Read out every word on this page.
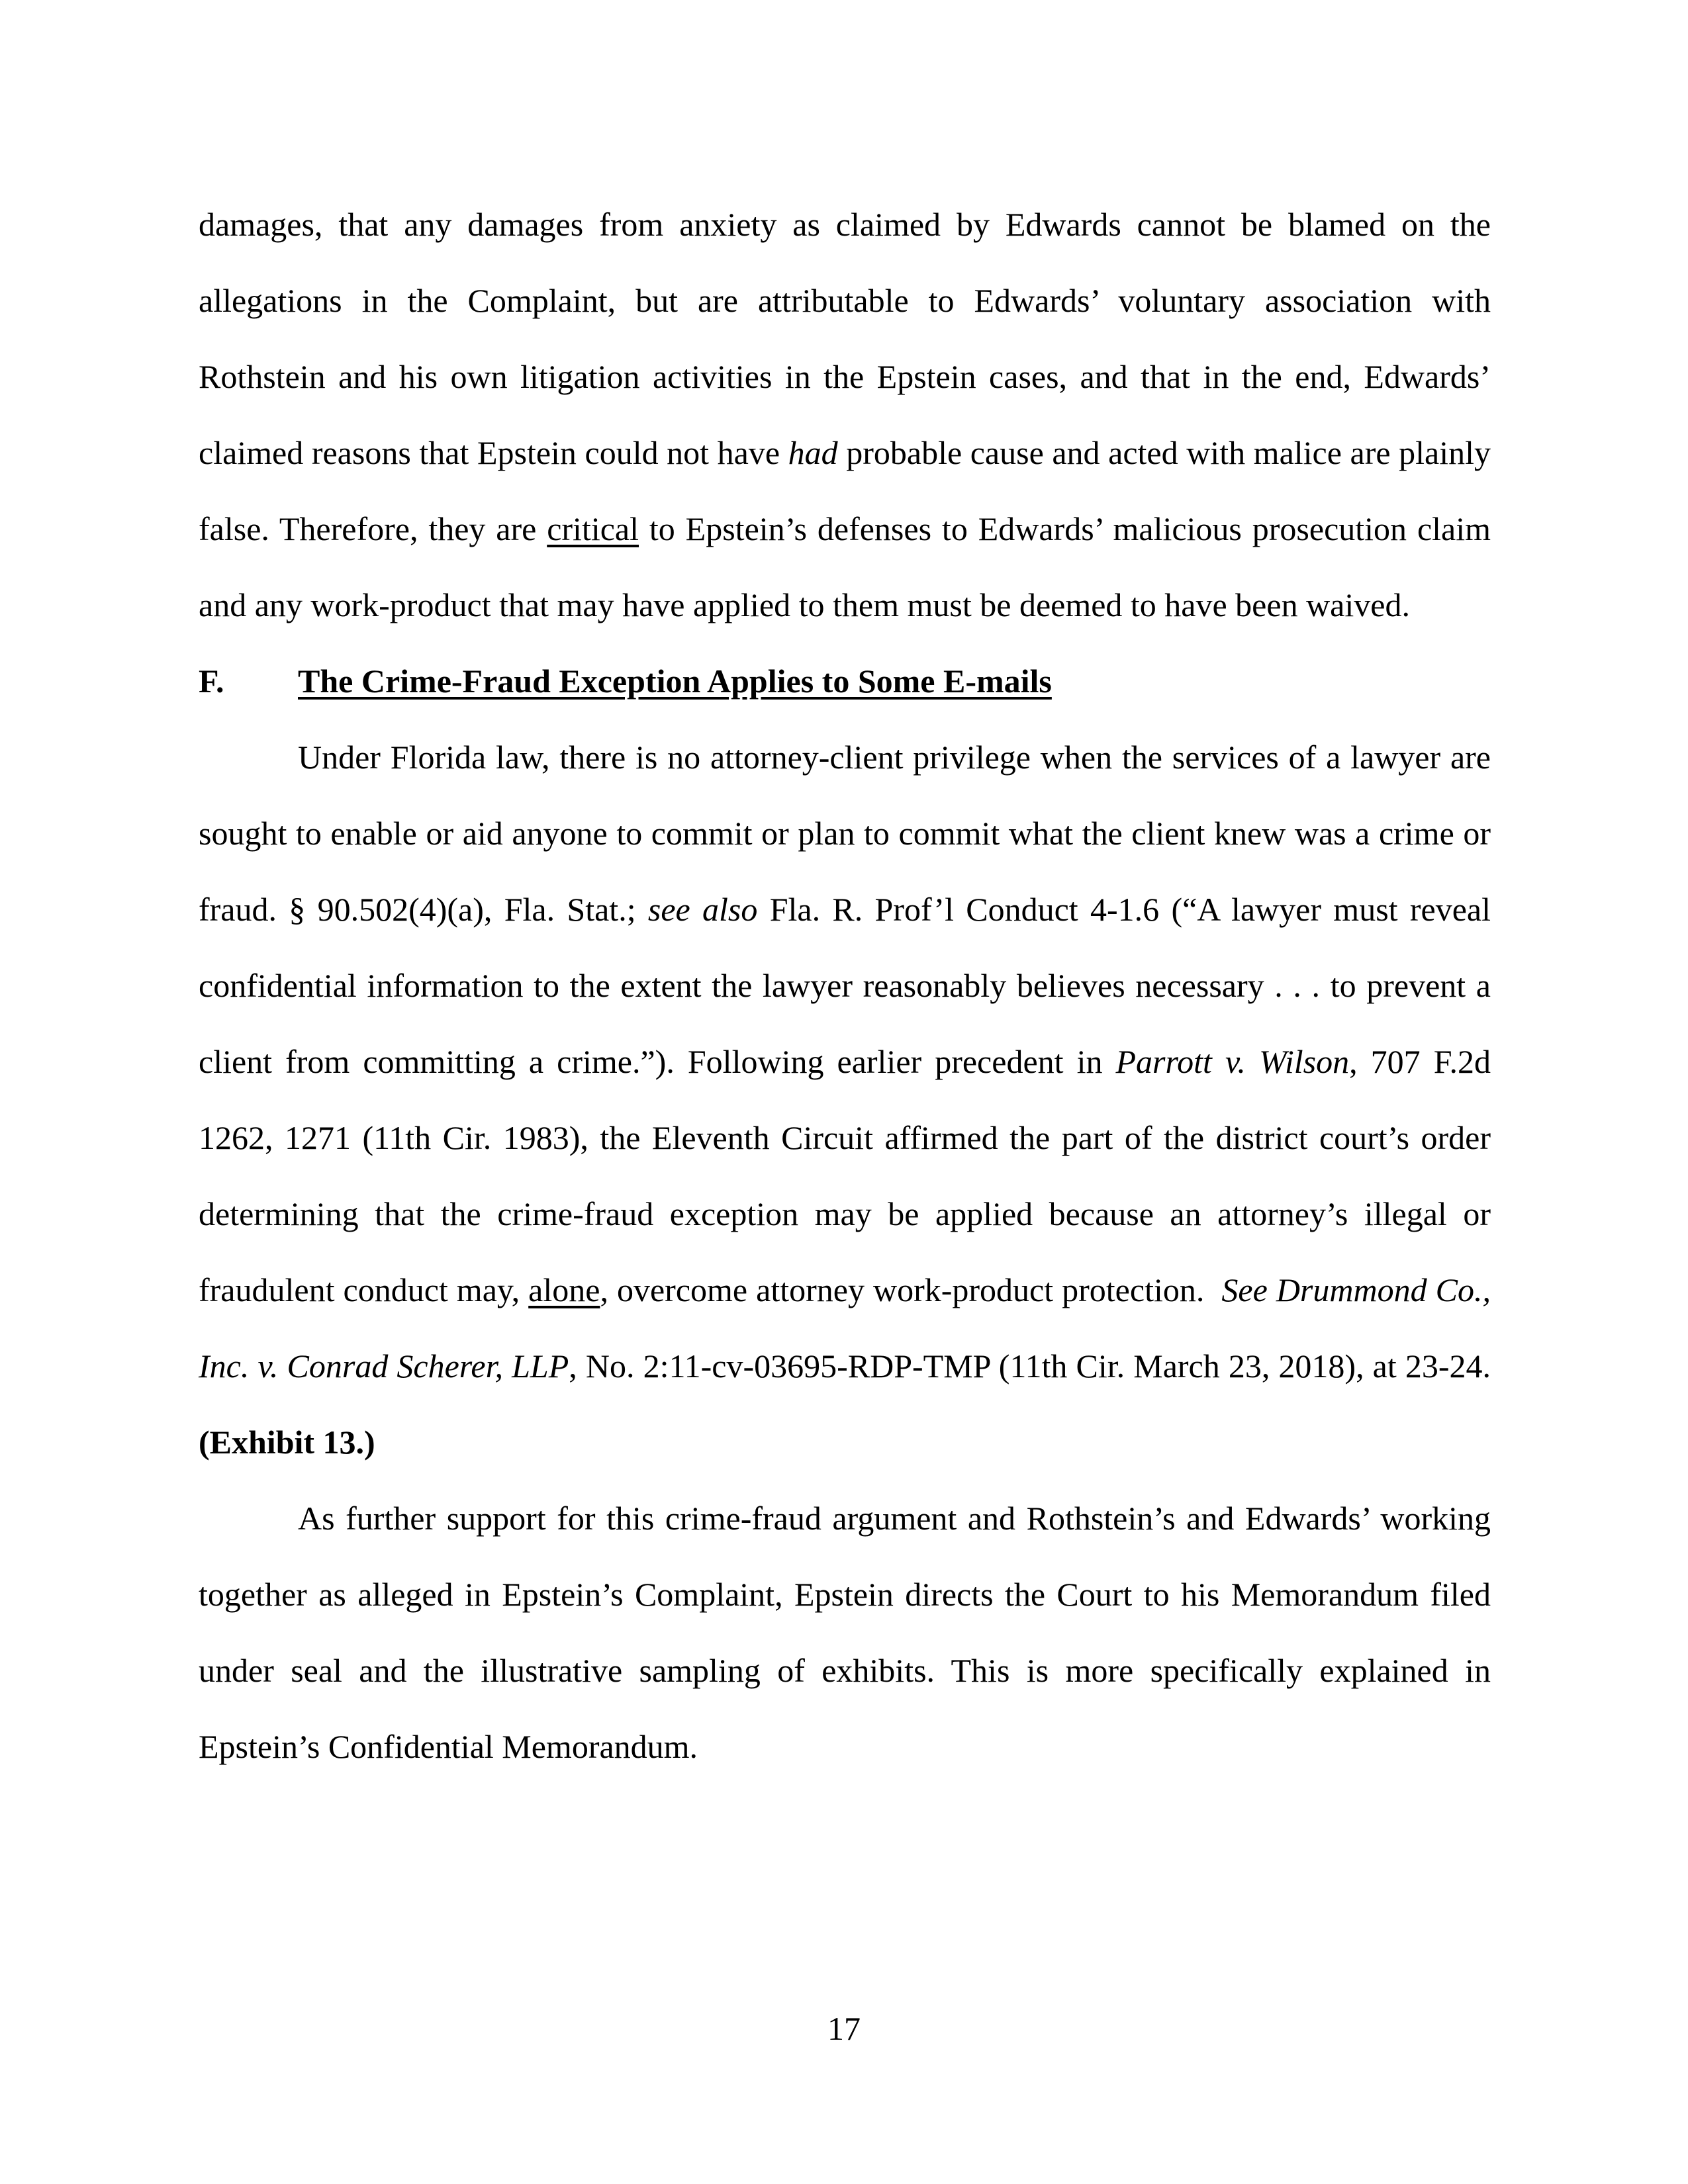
damages, that any damages from anxiety as claimed by Edwards cannot be blamed on the allegations in the Complaint, but are attributable to Edwards’ voluntary association with Rothstein and his own litigation activities in the Epstein cases, and that in the end, Edwards’ claimed reasons that Epstein could not have had probable cause and acted with malice are plainly false. Therefore, they are critical to Epstein’s defenses to Edwards’ malicious prosecution claim and any work-product that may have applied to them must be deemed to have been waived.

F. The Crime-Fraud Exception Applies to Some E-mails

Under Florida law, there is no attorney-client privilege when the services of a lawyer are sought to enable or aid anyone to commit or plan to commit what the client knew was a crime or fraud. § 90.502(4)(a), Fla. Stat.; see also Fla. R. Prof’l Conduct 4-1.6 (“A lawyer must reveal confidential information to the extent the lawyer reasonably believes necessary . . . to prevent a client from committing a crime.”). Following earlier precedent in Parrott v. Wilson, 707 F.2d 1262, 1271 (11th Cir. 1983), the Eleventh Circuit affirmed the part of the district court’s order determining that the crime-fraud exception may be applied because an attorney’s illegal or fraudulent conduct may, alone, overcome attorney work-product protection.  See Drummond Co., Inc. v. Conrad Scherer, LLP, No. 2:11-cv-03695-RDP-TMP (11th Cir. March 23, 2018), at 23-24. (Exhibit 13.)

As further support for this crime-fraud argument and Rothstein’s and Edwards’ working together as alleged in Epstein’s Complaint, Epstein directs the Court to his Memorandum filed under seal and the illustrative sampling of exhibits. This is more specifically explained in Epstein’s Confidential Memorandum.

17
